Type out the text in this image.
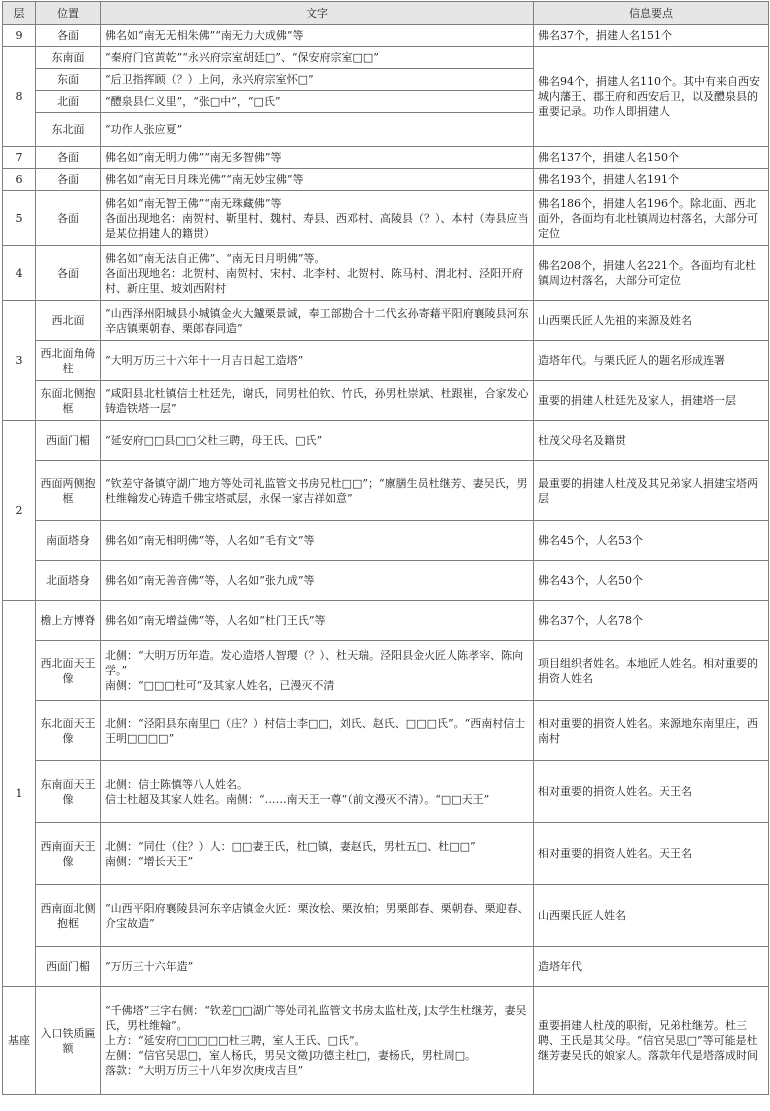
层	位置	文字	信息要点
9	各面	佛名如“南无无相朱佛”“南无力大成佛”等	佛名37个，捐建人名151个
8	东南面	“秦府门官黄乾”“永兴府宗室胡廷□”、“保安府宗室□□”	佛名94个，捐建人名110个。其中有来自西安城内藩王、郡王府和西安后卫，以及醴泉县的重要记录。功作人即捐建人
	东面	“后卫指挥顾（？）上问，永兴府宗室怀□”	

	北面	“醴泉县仁义里”，“张□中”，“□氏”	

	东北面	“功作人张应夏”	

7	各面	佛名如“南无明力佛”“南无多智佛”等	佛名137个，捐建人名150个
6	各面	佛名如“南无日月珠光佛”“南无妙宝佛”等	佛名193个，捐建人名191个
5	各面	佛名如“南无智王佛”“南无珠藏佛”等
各面出现地名：南贺村、靳里村、魏村、寿县、西邓村、高陵县（？）、本村（寿县应当是某位捐建人的籍贯）	佛名186个，捐建人名196个。除北面、西北面外，各面均有北杜镇周边村落名，大部分可定位
4	各面	佛名如“南无法自正佛”、“南无日月明佛”等。
各面出现地名：北贺村、南贺村、宋村、北李村、北贺村、陈马村、渭北村、泾阳开府村、新庄里、坡刘西附村	佛名208个，捐建人名221个。各面均有北杜镇周边村落名，大部分可定位
3	西北面	“山西泽州阳城县小城镇金火大鑪栗景诚，奉工部勘合十二代玄孙寄藉平阳府襄陵县河东辛店镇栗朝春、栗郎春同造”	山西栗氏匠人先祖的来源及姓名
	西北面角倚柱	“大明万历三十六年十一月吉日起工造塔”	造塔年代。与栗氏匠人的题名形成连署
	东面北侧抱框	“咸阳县北杜镇信士杜廷先，谢氏，同男杜伯钦、竹氏，孙男杜崇斌、杜跟崔，合家发心铸造铁塔一层”	重要的捐建人杜廷先及家人，捐建塔一层
2	西面门楣	“延安府□□县□□父杜三聘，母王氏、□氏”	杜茂父母名及籍贯
	西面两侧抱框	“钦差守备镇守湖广地方等处司礼监管文书房兄杜□□”；“廪膳生员杜继芳、妻吴氏，男杜维翰发心铸造千佛宝塔贰层，永保一家吉祥如意”	最重要的捐建人杜茂及其兄弟家人捐建宝塔两层
	南面塔身	佛名如“南无相明佛”等，人名如“毛有文”等	佛名45个，人名53个
	北面塔身	佛名如“南无善音佛”等，人名如“张九成”等	佛名43个，人名50个
1	檐上方博脊	佛名如“南无增益佛”等，人名如“杜门王氏”等	佛名37个，人名78个
	西北面天王像	北侧：“大明万历年造。发心造塔人智璎（？）、杜天瑞。泾阳县金火匠人陈孝宰、陈向学。”
南侧：“□□□杜可”及其家人姓名，已漫灭不清	项目组织者姓名。本地匠人姓名。相对重要的捐资人姓名
	东北面天王像	北侧：“泾阳县东南里□（庄？）村信士李□□，刘氏、赵氏、□□□氏”。“西南村信士王明□□□□”	相对重要的捐资人姓名。来源地东南里庄，西南村
	东南面天王像	北侧：信士陈慎等八人姓名。
信士杜超及其家人姓名。南侧：“……南天王一尊”（前文漫灭不清）。“□□天王”	相对重要的捐资人姓名。天王名
	西南面天王像	北侧：“同仕（住？）人：□□妻王氏，杜□镇，妻赵氏，男杜五□、杜□□”
南侧：“增长天王”	相对重要的捐资人姓名。天王名
	西南面北侧抱框	“山西平阳府襄陵县河东辛店镇金火匠：栗汝桧、栗汝柏；男栗郎春、栗朝春、栗迎春、介宝故造”	山西栗氏匠人姓名
	西面门楣	“万历三十六年造”	造塔年代
基座	入口铁质匾额	“千佛塔”三字右侧：“钦差□□湖广等处司礼监管文书房太监杜茂，⌋太学生杜继芳，妻吴氏，男杜维翰”。
上方：“延安府□□□□□杜三聘，室人王氏、□氏”。
左侧：“信官吴思□，室人杨氏，男吴文徵⌋功德主杜□，妻杨氏，男杜周□。
落款：“大明万历三十八年岁次庚戌吉旦”	重要捐建人杜茂的职衔，兄弟杜继芳。杜三聘、王氏是其父母。“信官吴思□”等可能是杜继芳妻吴氏的娘家人。落款年代是塔落成时间
